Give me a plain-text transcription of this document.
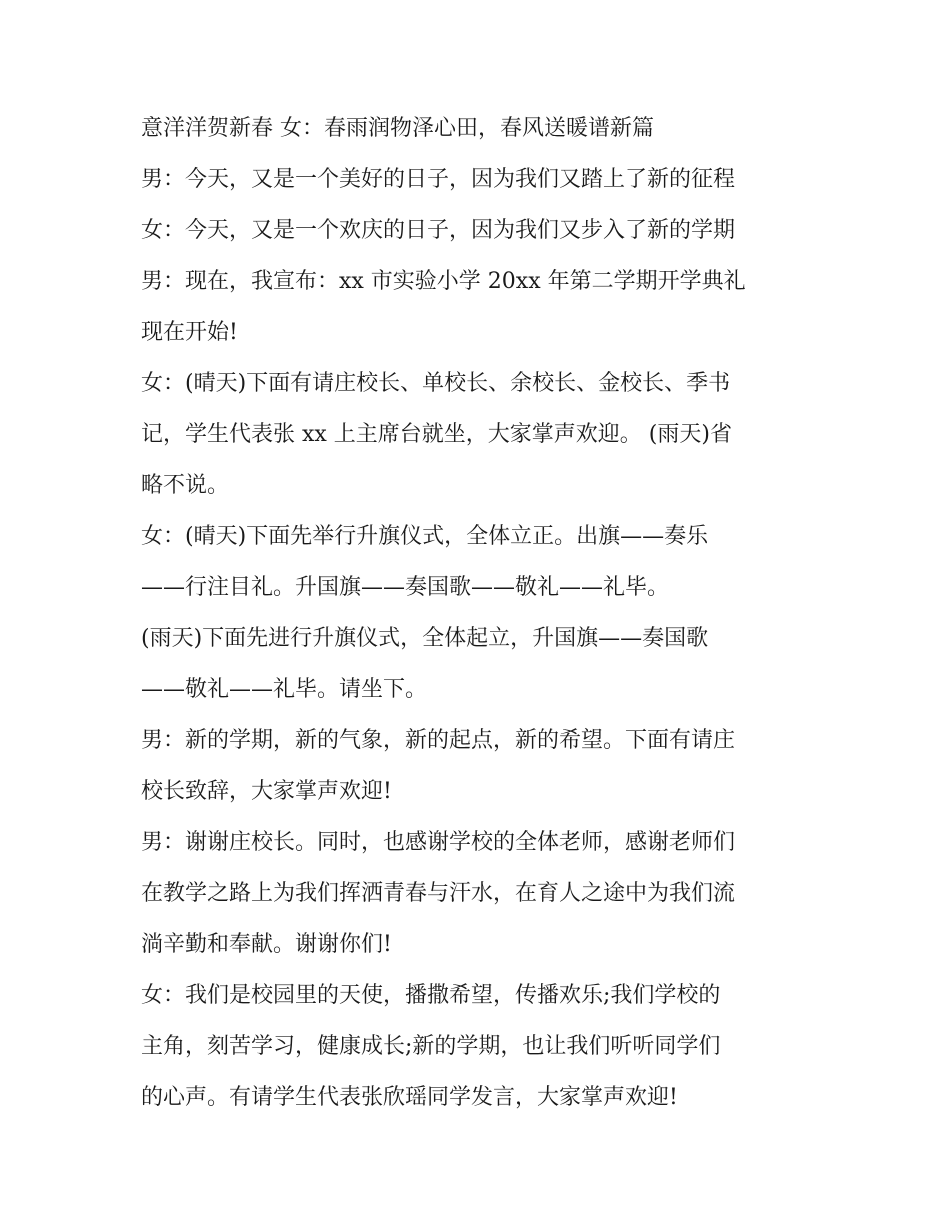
意洋洋贺新春 女：春雨润物泽心田，春风送暖谱新篇
男：今天，又是一个美好的日子，因为我们又踏上了新的征程
女：今天，又是一个欢庆的日子，因为我们又步入了新的学期
男：现在，我宣布：xx 市实验小学 20xx 年第二学期开学典礼
现在开始!
女：(晴天)下面有请庄校长、单校长、余校长、金校长、季书
记，学生代表张 xx 上主席台就坐，大家掌声欢迎。 (雨天)省
略不说。
女：(晴天)下面先举行升旗仪式，全体立正。出旗——奏乐
——行注目礼。升国旗——奏国歌——敬礼——礼毕。
(雨天)下面先进行升旗仪式，全体起立，升国旗——奏国歌
——敬礼——礼毕。请坐下。
男：新的学期，新的气象，新的起点，新的希望。下面有请庄
校长致辞，大家掌声欢迎!
男：谢谢庄校长。同时，也感谢学校的全体老师，感谢老师们
在教学之路上为我们挥洒青春与汗水，在育人之途中为我们流
淌辛勤和奉献。谢谢你们!
女：我们是校园里的天使，播撒希望，传播欢乐;我们学校的
主角，刻苦学习，健康成长;新的学期，也让我们听听同学们
的心声。有请学生代表张欣瑶同学发言，大家掌声欢迎!
